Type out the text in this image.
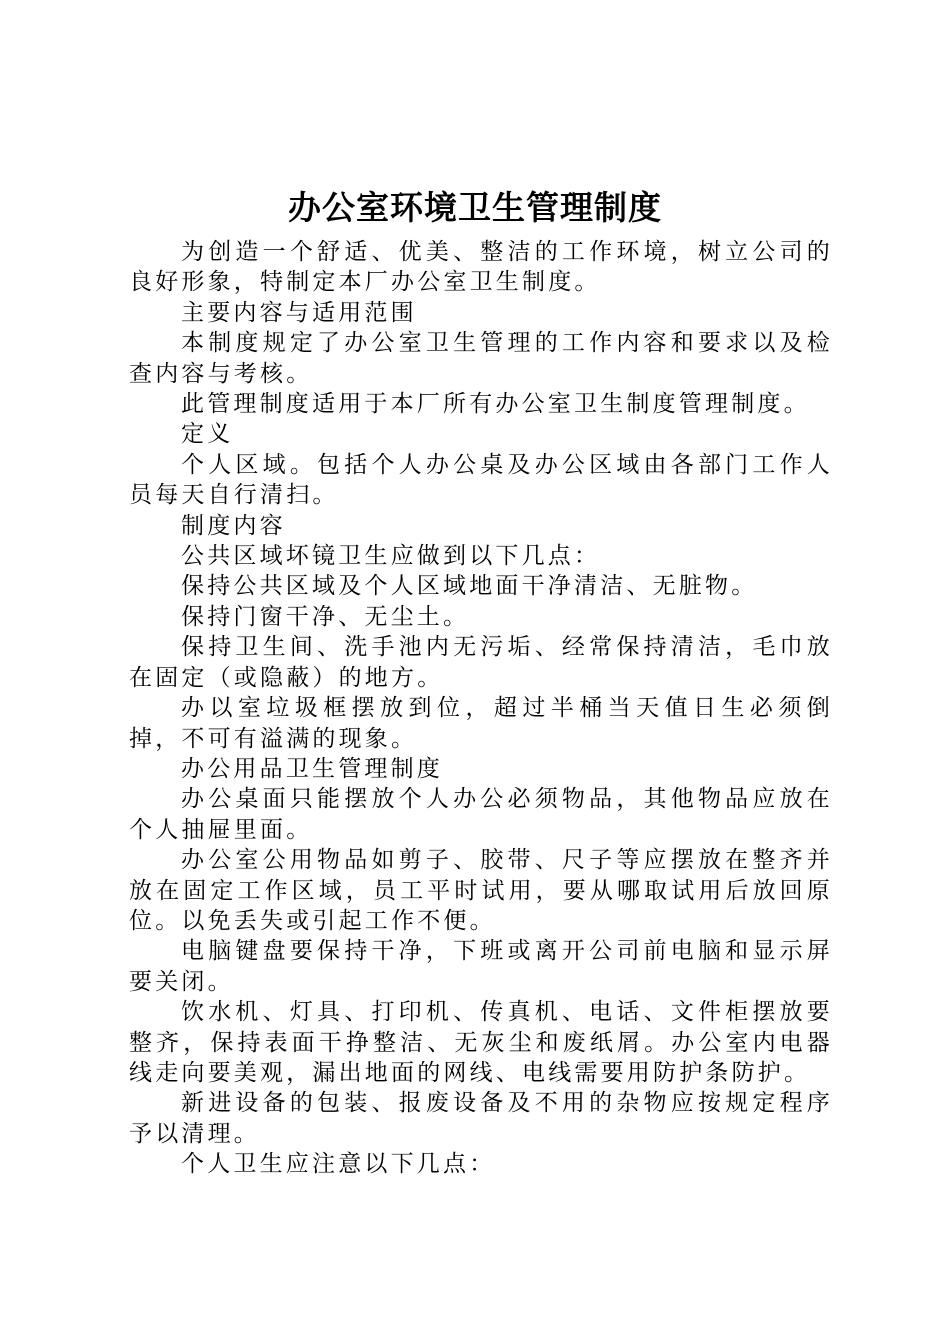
办公室环境卫生管理制度

为创造一个舒适、优美、整洁的工作环境，树立公司的良好形象，特制定本厂办公室卫生制度。

主要内容与适用范围

本制度规定了办公室卫生管理的工作内容和要求以及检查内容与考核。

此管理制度适用于本厂所有办公室卫生制度管理制度。

定义

个人区域。包括个人办公桌及办公区域由各部门工作人员每天自行清扫。

制度内容

公共区域坏镜卫生应做到以下几点：

保持公共区域及个人区域地面干净清洁、无脏物。

保持门窗干净、无尘土。

保持卫生间、洗手池内无污垢、经常保持清洁，毛巾放在固定（或隐蔽）的地方。

办以室垃圾框摆放到位，超过半桶当天值日生必须倒掉，不可有溢满的现象。

办公用品卫生管理制度

办公桌面只能摆放个人办公必须物品，其他物品应放在个人抽屉里面。

办公室公用物品如剪子、胶带、尺子等应摆放在整齐并放在固定工作区域，员工平时试用，要从哪取试用后放回原位。以免丢失或引起工作不便。

电脑键盘要保持干净，下班或离开公司前电脑和显示屏要关闭。

饮水机、灯具、打印机、传真机、电话、文件柜摆放要整齐，保持表面干挣整洁、无灰尘和废纸屑。办公室内电器线走向要美观，漏出地面的网线、电线需要用防护条防护。

新进设备的包装、报废设备及不用的杂物应按规定程序予以清理。

个人卫生应注意以下几点：
